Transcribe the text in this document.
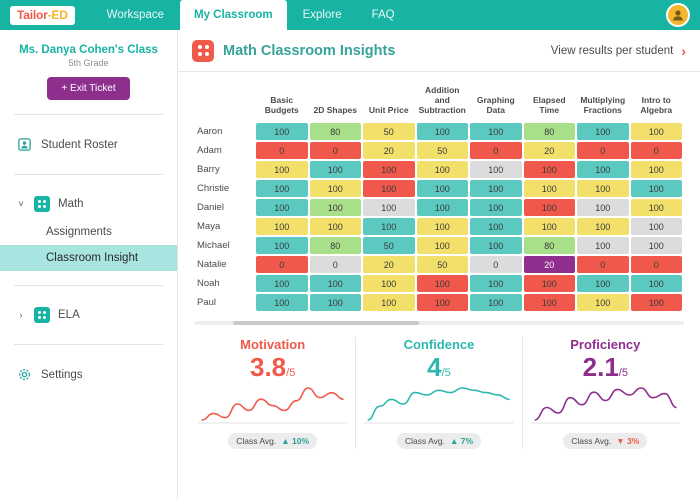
Tailor -ED	Workspace	My Classroom	Explore	FAQ
Ms. Danya Cohen's Class
5th Grade
+ Exit Ticket
Student Roster
˅	Math
Assignments
Classroom Insight
›	ELA
Settings
Math Classroom Insights	View results per student ›
	Basic Budgets	2D Shapes	Unit Price	Addition and Subtraction	Graphing Data	Elapsed Time	Multiplying Fractions	Intro to Algebra
Aaron	100	80	50	100	100	80	100	100
Adam	0	0	20	50	0	20	0	0
Barry	100	100	100	100	100	100	100	100
Christie	100	100	100	100	100	100	100	100
Daniel	100	100	100	100	100	100	100	100
Maya	100	100	100	100	100	100	100	100
Michael	100	80	50	100	100	80	100	100
Natalie	0	0	20	50	0	20	0	0
Noah	100	100	100	100	100	100	100	100
Paul	100	100	100	100	100	100	100	100
Motivation
3.8/5
Class Avg. ▲ 10%
Confidence
4/5
Class Avg. ▲ 7%
Proficiency
2.1/5
Class Avg. ▼ 3%
